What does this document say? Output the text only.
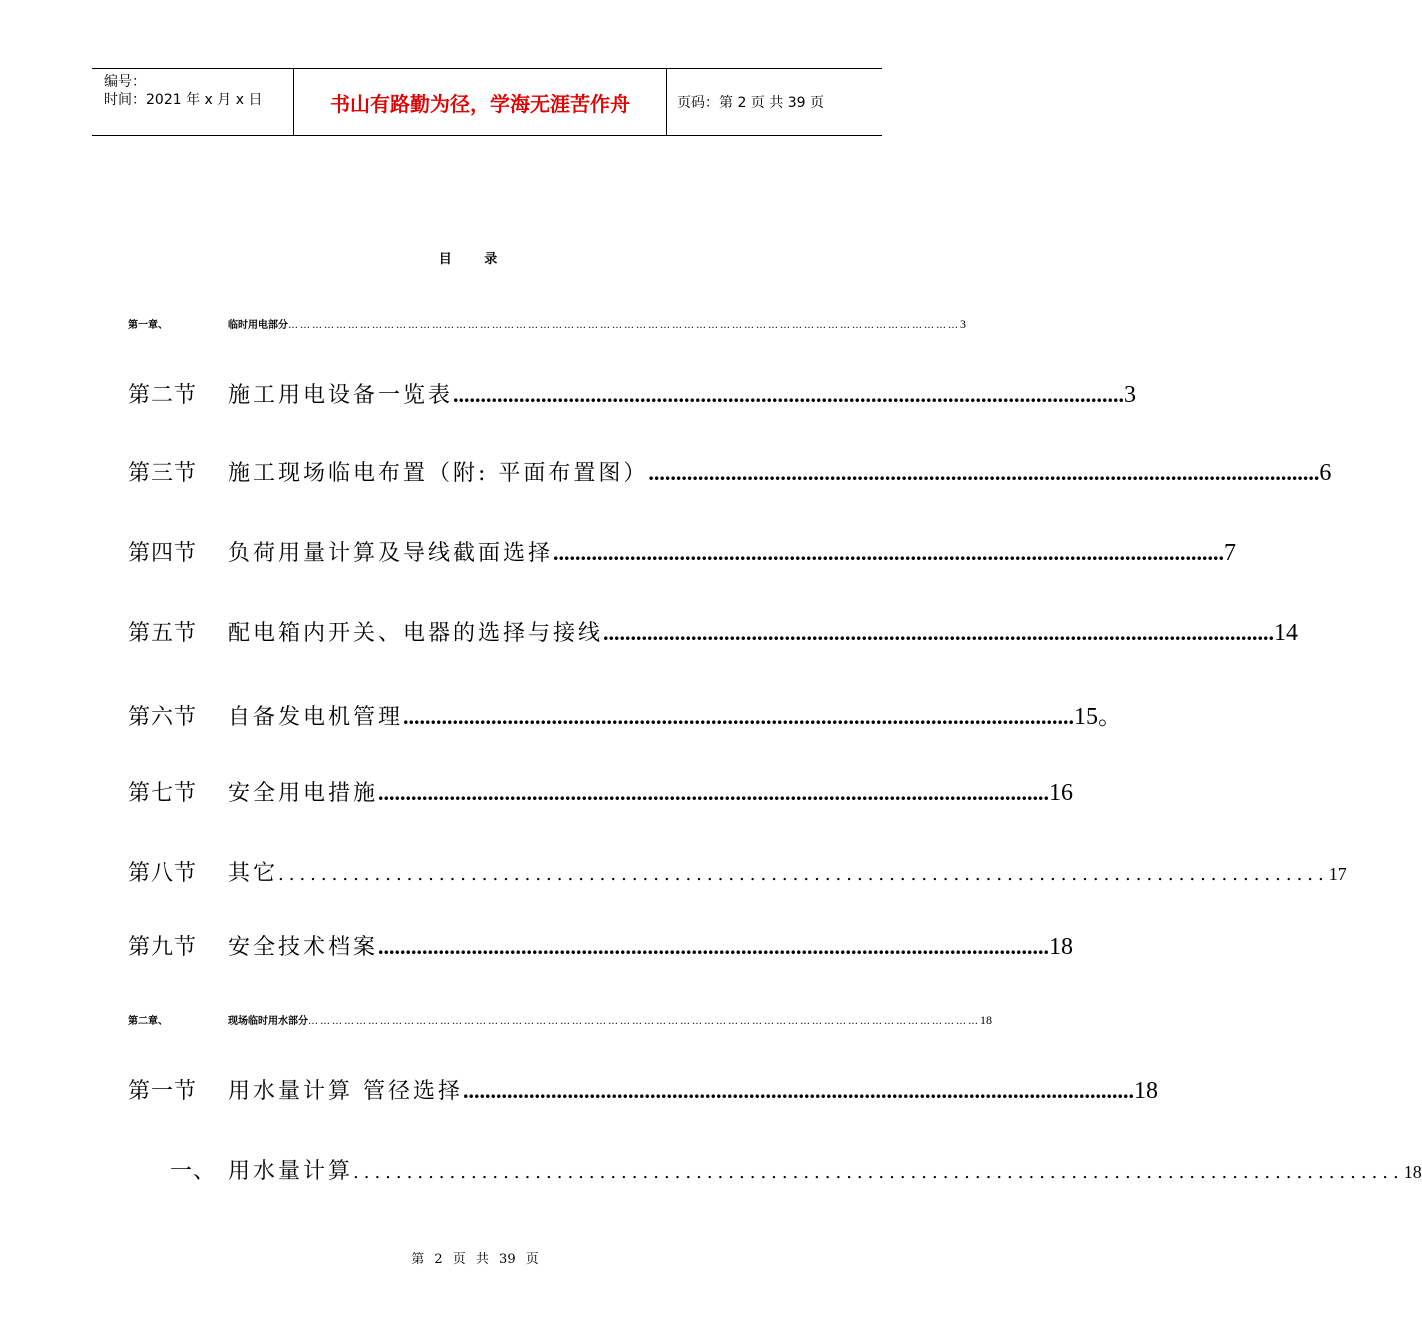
编号：
时间：2021 年 x 月 x 日	书山有路勤为径，学海无涯苦作舟	页码：第 2 页 共 39 页
目 录
第一章、	临时用电部分 …………………………………………………………………………………………………………………………………………………… 3
第二节	施工用电设备一览表 .......................................................................................................................... 3
第三节	施工现场临电布置（附: 平面布置图） .......................................................................................................................... 6
第四节	负荷用量计算及导线截面选择 .......................................................................................................................... 7
第五节	配电箱内开关、电器的选择与接线 .......................................................................................................................... 14
第六节	自备发电机管理 .......................................................................................................................... 15。
第七节	安全用电措施 .......................................................................................................................... 16
第八节	其它 .................................................................................................. 17
第九节	安全技术档案 .......................................................................................................................... 18
第二章、	现场临时用水部分 …………………………………………………………………………………………………………………………………………………… 18
第一节	用水量计算 管径选择 .......................................................................................................................... 18
一、 用水量计算 .................................................................................................. 18
第 2 页 共 39 页
